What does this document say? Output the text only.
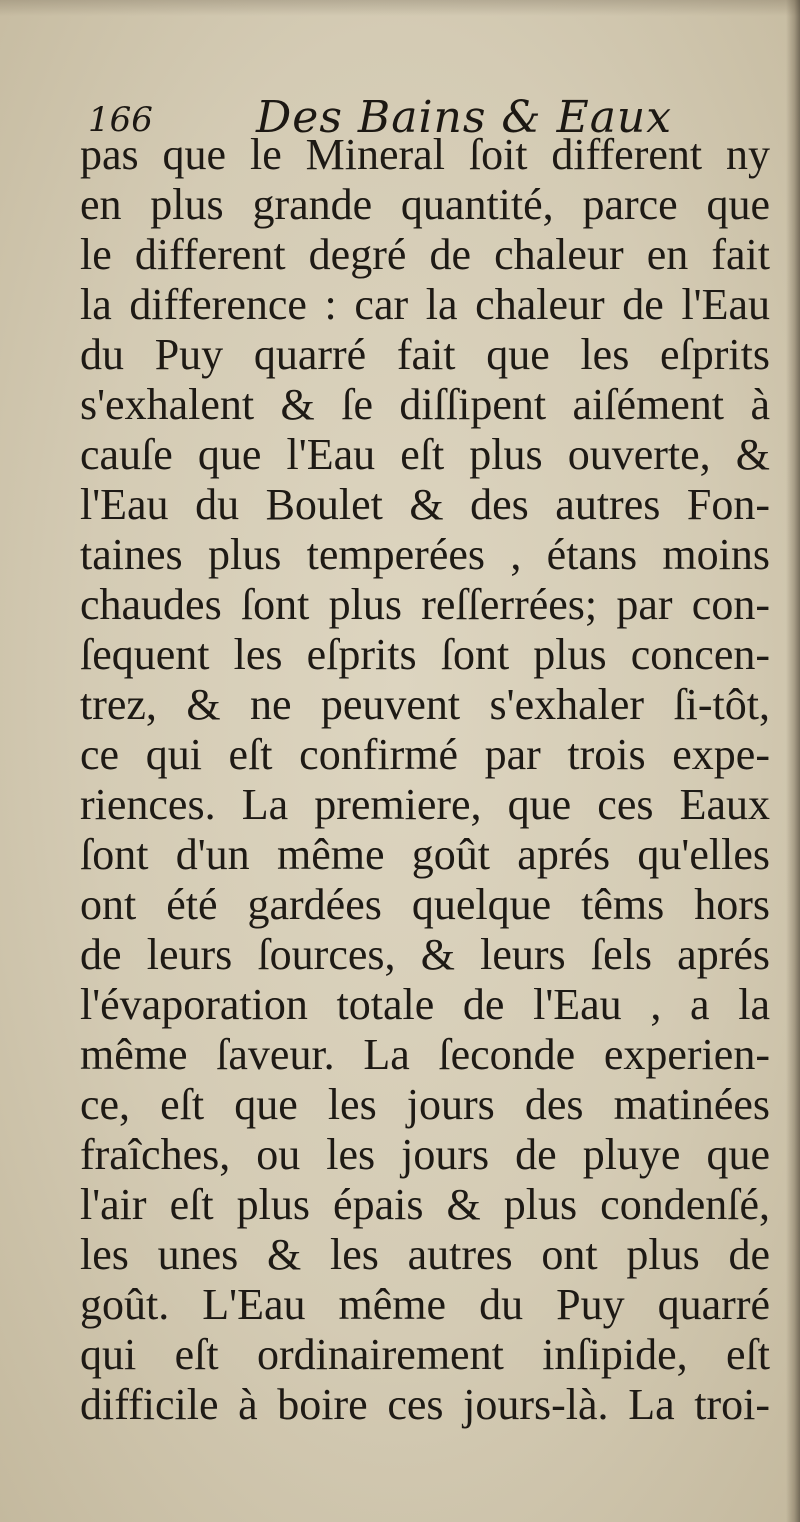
166 Des Bains & Eaux
pas que le Mineral ſoit different ny
en plus grande quantité, parce que
le different degré de chaleur en fait
la difference : car la chaleur de l'Eau
du Puy quarré fait que les eſprits
s'exhalent & ſe diſſipent aiſément à
cauſe que l'Eau eſt plus ouverte, &
l'Eau du Boulet & des autres Fon-
taines plus temperées , étans moins
chaudes ſont plus reſſerrées; par con-
ſequent les eſprits ſont plus concen-
trez, & ne peuvent s'exhaler ſi-tôt,
ce qui eſt confirmé par trois expe-
riences. La premiere, que ces Eaux
ſont d'un même goût aprés qu'elles
ont été gardées quelque têms hors
de leurs ſources, & leurs ſels aprés
l'évaporation totale de l'Eau , a la
même ſaveur. La ſeconde experien-
ce, eſt que les jours des matinées
fraîches, ou les jours de pluye que
l'air eſt plus épais & plus condenſé,
les unes & les autres ont plus de
goût. L'Eau même du Puy quarré
qui eſt ordinairement inſipide, eſt
difficile à boire ces jours-là. La troi-
